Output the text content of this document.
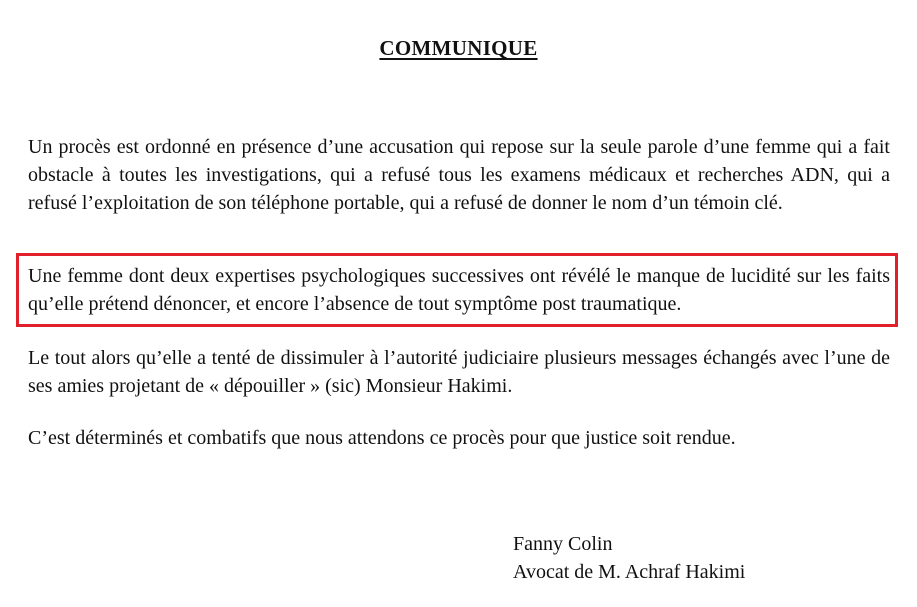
COMMUNIQUE

Un procès est ordonné en présence d’une accusation qui repose sur la seule parole d’une femme qui a fait obstacle à toutes les investigations, qui a refusé tous les examens médicaux et recherches ADN, qui a refusé l’exploitation de son téléphone portable, qui a refusé de donner le nom d’un témoin clé.

Une femme dont deux expertises psychologiques successives ont révélé le manque de lucidité sur les faits qu’elle prétend dénoncer, et encore l’absence de tout symptôme post traumatique.

Le tout alors qu’elle a tenté de dissimuler à l’autorité judiciaire plusieurs messages échangés avec l’une de ses amies projetant de « dépouiller » (sic) Monsieur Hakimi.

C’est déterminés et combatifs que nous attendons ce procès pour que justice soit rendue.

Fanny Colin
Avocat de M. Achraf Hakimi
